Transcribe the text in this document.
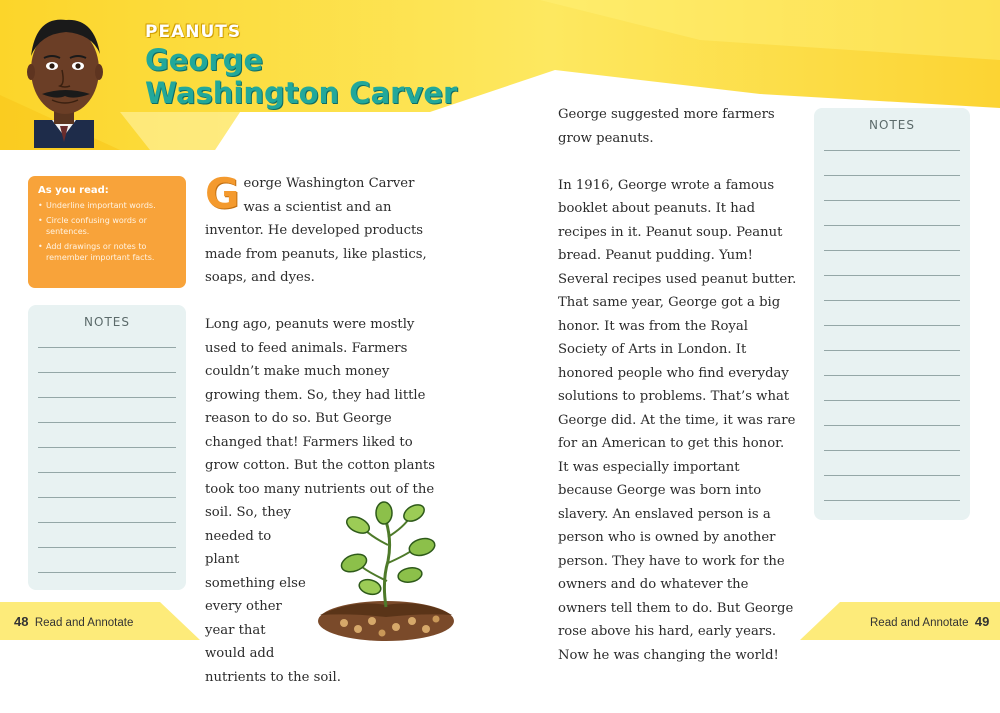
PEANUTS
George Washington Carver
As you read:
• Underline important words.
• Circle confusing words or sentences.
• Add drawings or notes to remember important facts.
NOTES

George Washington Carver was a scientist and an inventor. He developed products made from peanuts, like plastics, soaps, and dyes.

Long ago, peanuts were mostly used to feed animals. Farmers couldn’t make much money growing them. So, they had little reason to do so. But George changed that! Farmers liked to grow cotton. But the cotton plants took too many nutrients out of the soil. So, they needed to plant something else every other year that would add nutrients to the soil.

George suggested more farmers grow peanuts.

In 1916, George wrote a famous booklet about peanuts. It had recipes in it. Peanut soup. Peanut bread. Peanut pudding. Yum! Several recipes used peanut butter. That same year, George got a big honor. It was from the Royal Society of Arts in London. It honored people who find everyday solutions to problems. That’s what George did. At the time, it was rare for an American to get this honor. It was especially important because George was born into slavery. An enslaved person is a person who is owned by another person. They have to work for the owners and do whatever the owners tell them to do. But George rose above his hard, early years. Now he was changing the world!

NOTES
48 Read and Annotate	Read and Annotate 49
